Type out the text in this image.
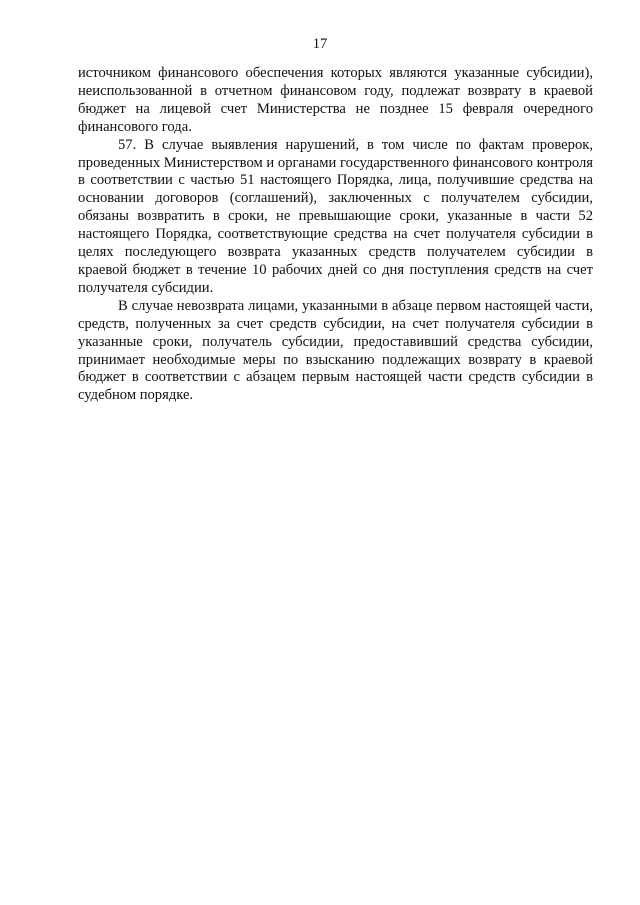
17

источником финансового обеспечения которых являются указанные субсидии), неиспользованной в отчетном финансовом году, подлежат возврату в краевой бюджет на лицевой счет Министерства не позднее 15 февраля очередного финансового года.

57. В случае выявления нарушений, в том числе по фактам проверок, проведенных Министерством и органами государственного финансового контроля в соответствии с частью 51 настоящего Порядка, лица, получившие средства на основании договоров (соглашений), заключенных с получателем субсидии, обязаны возвратить в сроки, не превышающие сроки, указанные в части 52 настоящего Порядка, соответствующие средства на счет получателя субсидии в целях последующего возврата указанных средств получателем субсидии в краевой бюджет в течение 10 рабочих дней со дня поступления средств на счет получателя субсидии.

В случае невозврата лицами, указанными в абзаце первом настоящей части, средств, полученных за счет средств субсидии, на счет получателя субсидии в указанные сроки, получатель субсидии, предоставивший средства субсидии, принимает необходимые меры по взысканию подлежащих возврату в краевой бюджет в соответствии с абзацем первым настоящей части средств субсидии в судебном порядке.
